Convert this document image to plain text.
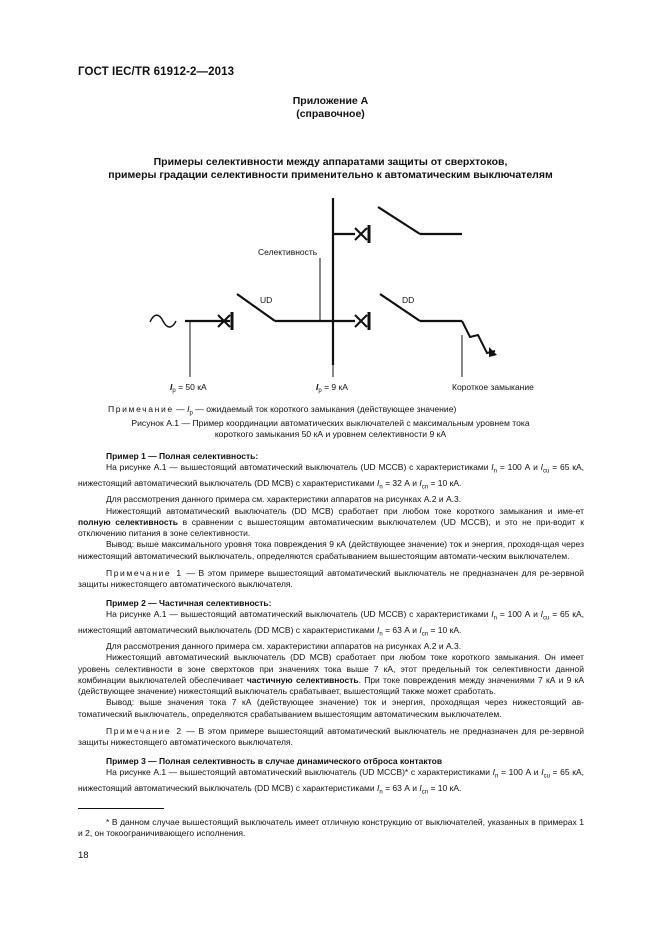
ГОСТ IEC/TR 61912-2—2013
Приложение А
(справочное)
Примеры селективности между аппаратами защиты от сверхтоков,
примеры градации селективности применительно к автоматическим выключателям
Селективность
UD	DD
$I_p = 50$ кА	$I_p = 9$ кА	Короткое замыкание
Примечание — $I_p$ — ожидаемый ток короткого замыкания (действующее значение)
Рисунок А.1 — Пример координации автоматических выключателей с максимальным уровнем тока
короткого замыкания 50 кА и уровнем селективности 9 кА

Пример 1 — Полная селективность:

На рисунке А.1 — вышестоящий автоматический выключатель (UD MCCB) с характеристиками $I_n = 100$ А и $I_{cu} = 65$ кА, нижестоящий автоматический выключатель (DD MCB) с характеристиками $I_n = 32$ А и $I_{cn} = 10$ кА.

Для рассмотрения данного примера см. характеристики аппаратов на рисунках А.2 и А.3.

Нижестоящий автоматический выключатель (DD MCB) сработает при любом токе короткого замыкания и име-ет полную селективность в сравнении с вышестоящим автоматическим выключателем (UD MCCB), и это не при-водит к отключению питания в зоне селективности.

Вывод: выше максимального уровня тока повреждения 9 кА (действующее значение) ток и энергия, проходя-щая через нижестоящий автоматический выключатель, определяются срабатыванием вышестоящим автомати-ческим выключателем.

Примечание 1 — В этом примере вышестоящий автоматический выключатель не предназначен для ре-зервной защиты нижестоящего автоматического выключателя.

Пример 2 — Частичная селективность:

На рисунке А.1 — вышестоящий автоматический выключатель (UD MCCB) с характеристиками $I_n = 100$ А и $I_{cu} = 65$ кА, нижестоящий автоматический выключатель (DD MCB) с характеристиками $I_n = 63$ А и $I_{cn} = 10$ кА.

Для рассмотрения данного примера см. характеристики аппаратов на рисунках А.2 и А.3.

Нижестоящий автоматический выключатель (DD MCB) сработает при любом токе короткого замыкания. Он имеет уровень селективности в зоне сверхтоков при значениях тока выше 7 кА, этот предельный ток селективности данной комбинации выключателей обеспечивает частичную селективность. При токе повреждения между значениями 7 кА и 9 кА (действующее значение) нижестоящий выключатель срабатывает, вышестоящий также может сработать.

Вывод: выше значения тока 7 кА (действующее значение) ток и энергия, проходящая через нижестоящий ав-томатический выключатель, определяются срабатыванием вышестоящим автоматическим выключателем.

Примечание 2 — В этом примере вышестоящий автоматический выключатель не предназначен для ре-зервной защиты нижестоящего автоматического выключателя.

Пример 3 — Полная селективность в случае динамического отброса контактов

На рисунке А.1 — вышестоящий автоматический выключатель (UD MCCB)* с характеристиками $I_n = 100$ А и $I_{cu} = 65$ кА, нижестоящий автоматический выключатель (DD MCB) с характеристиками $I_n = 63$ А и $I_{cn} = 10$ кА.

* В данном случае вышестоящий выключатель имеет отличную конструкцию от выключателей, указанных в примерах 1 и 2, он токоограничивающего исполнения.

18
